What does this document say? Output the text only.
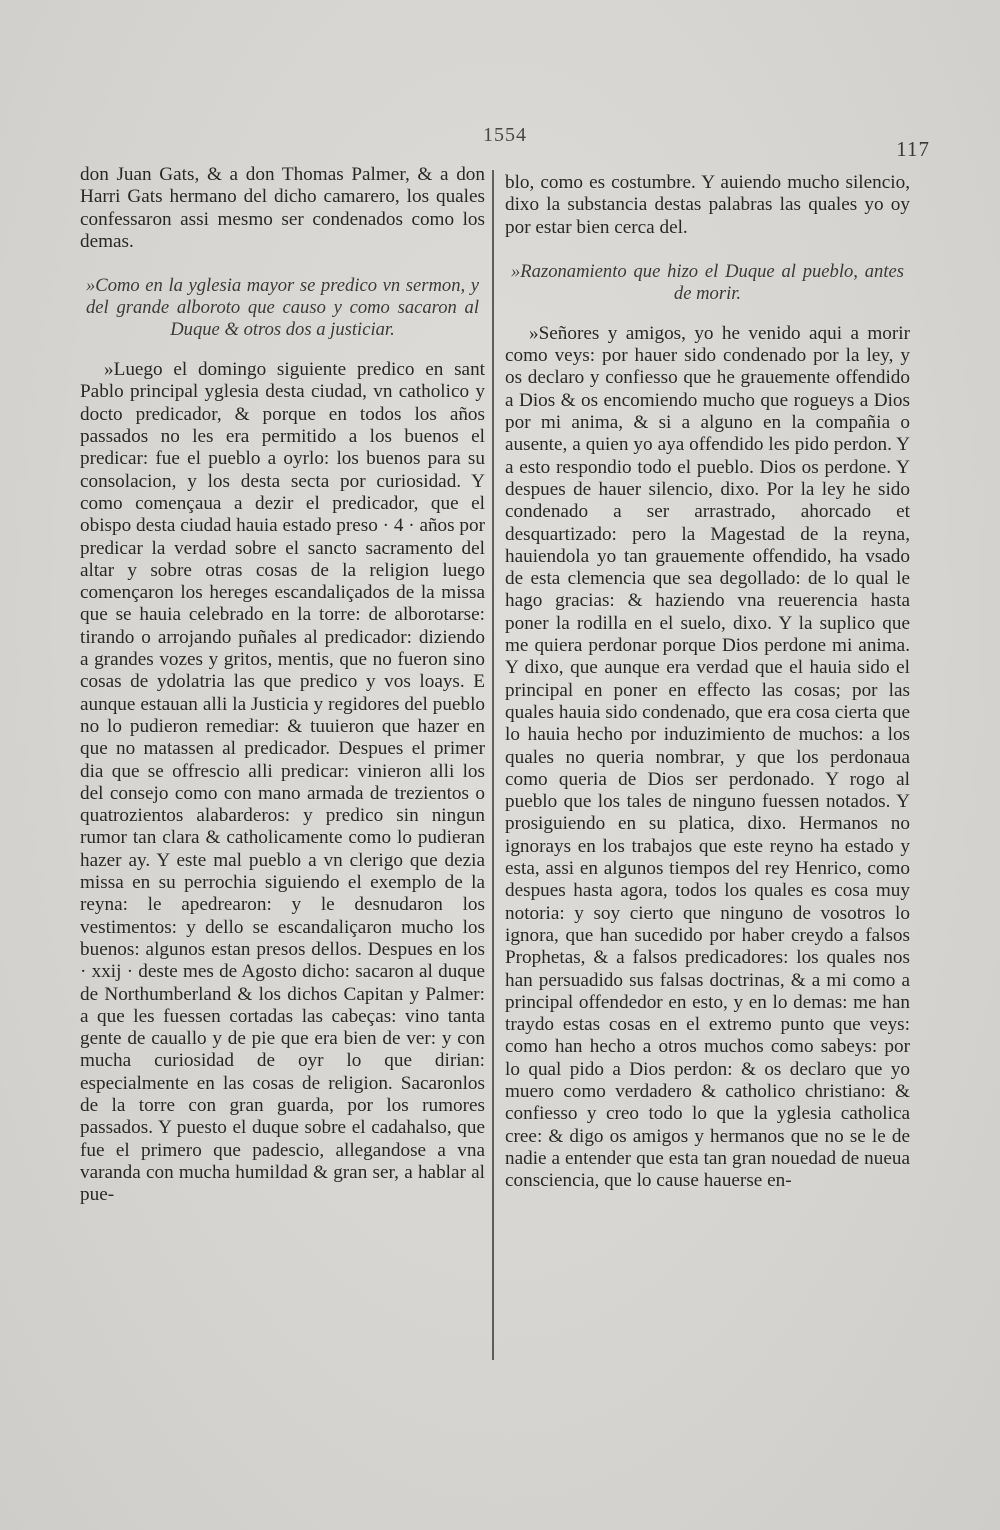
1554
117

don Juan Gats, & a don Thomas Palmer, & a don Harri Gats hermano del dicho camarero, los quales confessaron assi mesmo ser condenados como los demas.

»Como en la yglesia mayor se predico vn sermon, y del grande alboroto que causo y como sacaron al Duque & otros dos a justiciar.

»Luego el domingo siguiente predico en sant Pablo principal yglesia desta ciudad, vn catholico y docto predicador, & porque en todos los años passados no les era permitido a los buenos el predicar: fue el pueblo a oyrlo: los buenos para su consolacion, y los desta secta por curiosidad. Y como començaua a dezir el predicador, que el obispo desta ciudad hauia estado preso · 4 · años por predicar la verdad sobre el sancto sacramento del altar y sobre otras cosas de la religion luego començaron los hereges escandaliçados de la missa que se hauia celebrado en la torre: de alborotarse: tirando o arrojando puñales al predicador: diziendo a grandes vozes y gritos, mentis, que no fueron sino cosas de ydolatria las que predico y vos loays. E aunque estauan alli la Justicia y regidores del pueblo no lo pudieron remediar: & tuuieron que hazer en que no matassen al predicador. Despues el primer dia que se offrescio alli predicar: vinieron alli los del consejo como con mano armada de trezientos o quatrozientos alabarderos: y predico sin ningun rumor tan clara & catholicamente como lo pudieran hazer ay. Y este mal pueblo a vn clerigo que dezia missa en su perrochia siguiendo el exemplo de la reyna: le apedrearon: y le desnudaron los vestimentos: y dello se escandaliçaron mucho los buenos: algunos estan presos dellos. Despues en los · xxij · deste mes de Agosto dicho: sacaron al duque de Northumberland & los dichos Capitan y Palmer: a que les fuessen cortadas las cabeças: vino tanta gente de cauallo y de pie que era bien de ver: y con mucha curiosidad de oyr lo que dirian: especialmente en las cosas de religion. Sacaronlos de la torre con gran guarda, por los rumores passados. Y puesto el duque sobre el cadahalso, que fue el primero que padescio, allegandose a vna varanda con mucha humildad & gran ser, a hablar al pue-

blo, como es costumbre. Y auiendo mucho silencio, dixo la substancia destas palabras las quales yo oy por estar bien cerca del.

»Razonamiento que hizo el Duque al pueblo, antes de morir.

»Señores y amigos, yo he venido aqui a morir como veys: por hauer sido condenado por la ley, y os declaro y confiesso que he grauemente offendido a Dios & os encomiendo mucho que rogueys a Dios por mi anima, & si a alguno en la compañia o ausente, a quien yo aya offendido les pido perdon. Y a esto respondio todo el pueblo. Dios os perdone. Y despues de hauer silencio, dixo. Por la ley he sido condenado a ser arrastrado, ahorcado et desquartizado: pero la Magestad de la reyna, hauiendola yo tan grauemente offendido, ha vsado de esta clemencia que sea degollado: de lo qual le hago gracias: & haziendo vna reuerencia hasta poner la rodilla en el suelo, dixo. Y la suplico que me quiera perdonar porque Dios perdone mi anima. Y dixo, que aunque era verdad que el hauia sido el principal en poner en effecto las cosas; por las quales hauia sido condenado, que era cosa cierta que lo hauia hecho por induzimiento de muchos: a los quales no queria nombrar, y que los perdonaua como queria de Dios ser perdonado. Y rogo al pueblo que los tales de ninguno fuessen notados. Y prosiguiendo en su platica, dixo. Hermanos no ignorays en los trabajos que este reyno ha estado y esta, assi en algunos tiempos del rey Henrico, como despues hasta agora, todos los quales es cosa muy notoria: y soy cierto que ninguno de vosotros lo ignora, que han sucedido por haber creydo a falsos Prophetas, & a falsos predicadores: los quales nos han persuadido sus falsas doctrinas, & a mi como a principal offendedor en esto, y en lo demas: me han traydo estas cosas en el extremo punto que veys: como han hecho a otros muchos como sabeys: por lo qual pido a Dios perdon: & os declaro que yo muero como verdadero & catholico christiano: & confiesso y creo todo lo que la yglesia catholica cree: & digo os amigos y hermanos que no se le de nadie a entender que esta tan gran nouedad de nueua consciencia, que lo cause hauerse en-
